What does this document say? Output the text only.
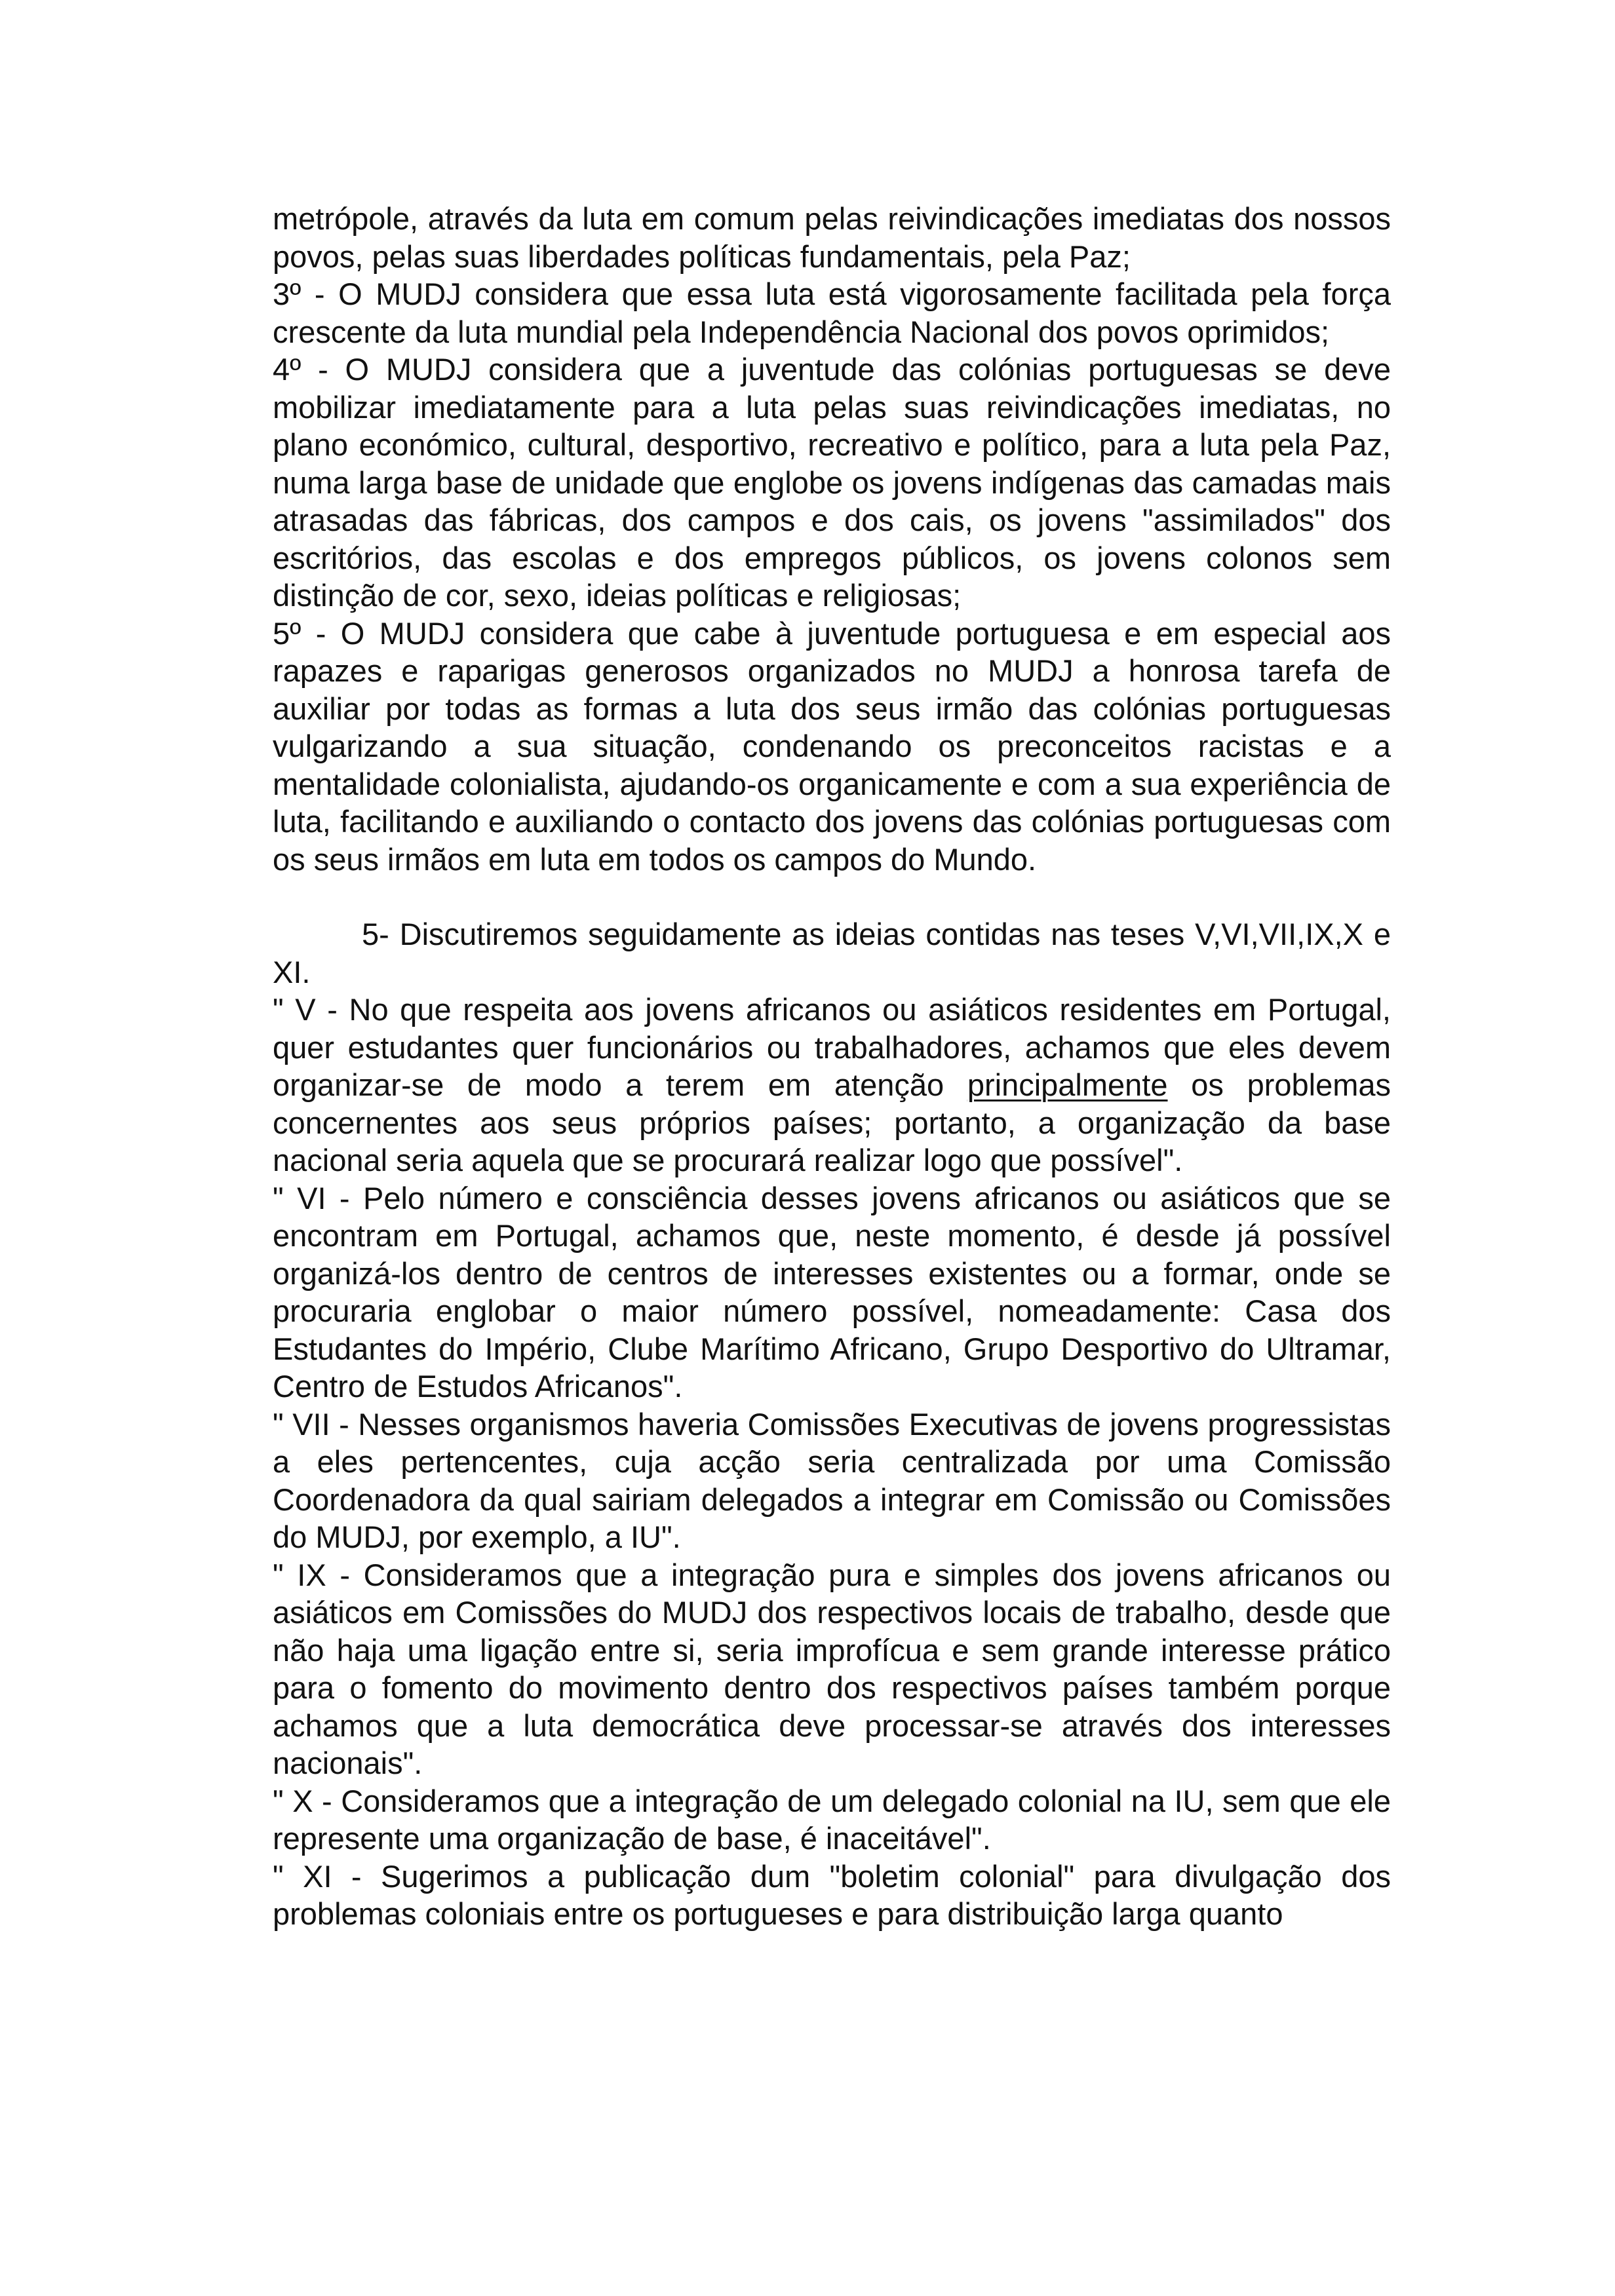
metrópole, através da luta em comum pelas reivindicações imediatas dos nossos povos, pelas suas liberdades políticas fundamentais, pela Paz;

3º - O MUDJ considera que essa luta está vigorosamente facilitada pela força crescente da luta mundial pela Independência Nacional dos povos oprimidos;

4º - O MUDJ considera que a juventude das colónias portuguesas se deve mobilizar imediatamente para a luta pelas suas reivindicações imediatas, no plano económico, cultural, desportivo, recreativo e político, para a luta pela Paz, numa larga base de unidade que englobe os jovens indígenas das camadas mais atrasadas das fábricas, dos campos e dos cais, os jovens "assimilados" dos escritórios, das escolas e dos empregos públicos, os jovens colonos sem distinção de cor, sexo, ideias políticas e religiosas;

5º - O MUDJ considera que cabe à juventude portuguesa e em especial aos rapazes e raparigas generosos organizados no MUDJ a honrosa tarefa de auxiliar por todas as formas a luta dos seus irmão das colónias portuguesas vulgarizando a sua situação, condenando os preconceitos racistas e a mentalidade colonialista, ajudando-os organicamente e com a sua experiência de luta, facilitando e auxiliando o contacto dos jovens das colónias portuguesas com os seus irmãos em luta em todos os campos do Mundo.

5- Discutiremos seguidamente as ideias contidas nas teses V,VI,VII,IX,X e XI.

" V - No que respeita aos jovens africanos ou asiáticos residentes em Portugal, quer estudantes quer funcionários ou trabalhadores, achamos que eles devem organizar-se de modo a terem em atenção principalmente os problemas concernentes aos seus próprios países; portanto, a organização da base nacional seria aquela que se procurará realizar logo que possível".

" VI - Pelo número e consciência desses jovens africanos ou asiáticos que se encontram em Portugal, achamos que, neste momento, é desde já possível organizá-los dentro de centros de interesses existentes ou a formar, onde se procuraria englobar o maior número possível, nomeadamente: Casa dos Estudantes do Império, Clube Marítimo Africano, Grupo Desportivo do Ultramar, Centro de Estudos Africanos".

" VII - Nesses organismos haveria Comissões Executivas de jovens progressistas a eles pertencentes, cuja acção seria centralizada por uma Comissão Coordenadora da qual sairiam delegados a integrar em Comissão ou Comissões do MUDJ, por exemplo, a IU".

" IX - Consideramos que a integração pura e simples dos jovens africanos ou asiáticos em Comissões do MUDJ dos respectivos locais de trabalho, desde que não haja uma ligação entre si, seria improfícua e sem grande interesse prático para o fomento do movimento dentro dos respectivos países também porque achamos que a luta democrática deve processar-se através dos interesses nacionais".

" X - Consideramos que a integração de um delegado colonial na IU, sem que ele represente uma organização de base, é inaceitável".

" XI - Sugerimos a publicação dum "boletim colonial" para divulgação dos problemas coloniais entre os portugueses e para distribuição larga quanto
